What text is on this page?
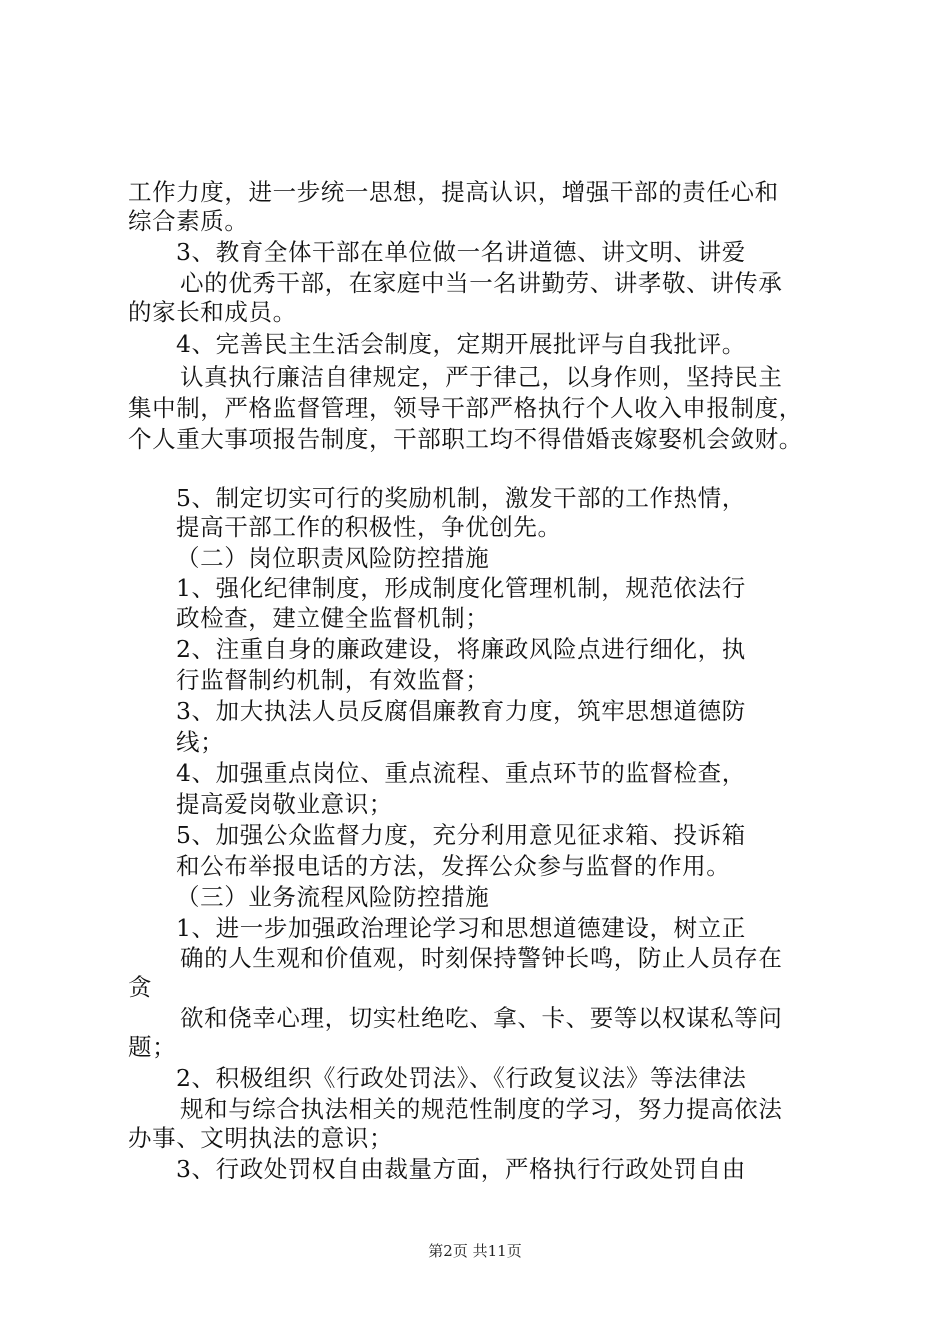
工作力度，进一步统一思想，提高认识，增强干部的责任心和
综合素质。
3、教育全体干部在单位做一名讲道德、讲文明、讲爱
心的优秀干部，在家庭中当一名讲勤劳、讲孝敬、讲传承
的家长和成员。
4、完善民主生活会制度，定期开展批评与自我批评。
认真执行廉洁自律规定，严于律己，以身作则，坚持民主
集中制，严格监督管理，领导干部严格执行个人收入申报制度，
个人重大事项报告制度，干部职工均不得借婚丧嫁娶机会敛财。
5、制定切实可行的奖励机制，激发干部的工作热情，
提高干部工作的积极性，争优创先。
（二）岗位职责风险防控措施
1、强化纪律制度，形成制度化管理机制，规范依法行
政检查，建立健全监督机制；
2、注重自身的廉政建设，将廉政风险点进行细化，执
行监督制约机制，有效监督；
3、加大执法人员反腐倡廉教育力度，筑牢思想道德防
线；
4、加强重点岗位、重点流程、重点环节的监督检查，
提高爱岗敬业意识；
5、加强公众监督力度，充分利用意见征求箱、投诉箱
和公布举报电话的方法，发挥公众参与监督的作用。
（三）业务流程风险防控措施
1、进一步加强政治理论学习和思想道德建设，树立正
确的人生观和价值观，时刻保持警钟长鸣，防止人员存在
贪
欲和侥幸心理，切实杜绝吃、拿、卡、要等以权谋私等问
题；
2、积极组织《行政处罚法》、《行政复议法》等法律法
规和与综合执法相关的规范性制度的学习，努力提高依法
办事、文明执法的意识；
3、行政处罚权自由裁量方面，严格执行行政处罚自由
第2页 共11页
